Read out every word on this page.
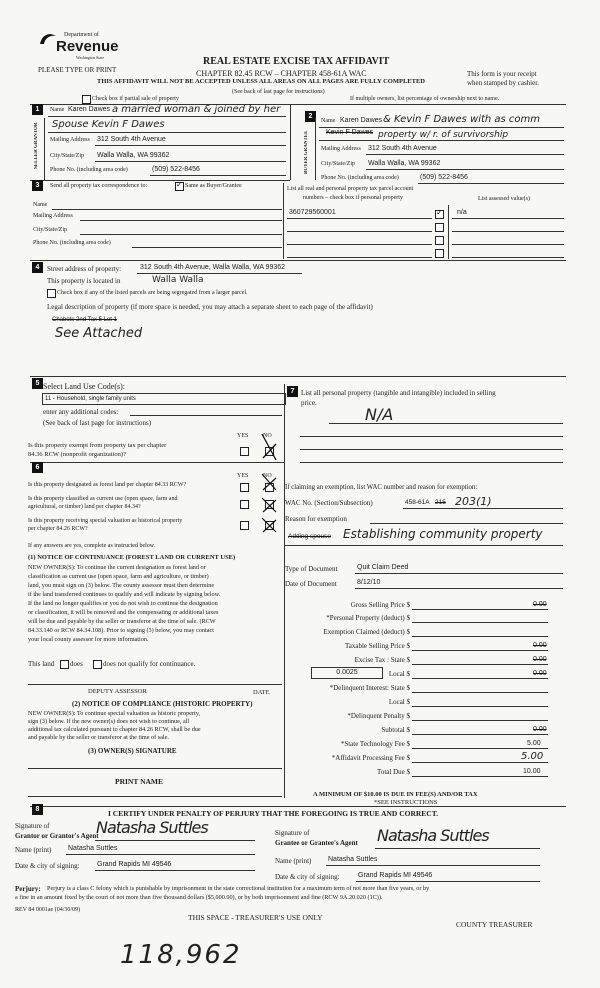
Department of
Revenue
Washington State
PLEASE TYPE OR PRINT
REAL ESTATE EXCISE TAX AFFIDAVIT
CHAPTER 82.45 RCW – CHAPTER 458-61A WAC
THIS AFFIDAVIT WILL NOT BE ACCEPTED UNLESS ALL AREAS ON ALL PAGES ARE FULLY COMPLETED
(See back of last page for instructions)
This form is your receipt
when stamped by cashier.
Check box if partial sale of property	If multiple owners, list percentage of ownership next to name.
1
2
SELLER GRANTOR	BUYER GRANTEE
Name Karen Dawes a married woman & joined by her
Spouse Kevin F Dawes
Mailing Address 312 South 4th Avenue
City/State/Zip Walla Walla, WA 99362
Phone No. (including area code)	(509) 522-8456
Name Karen Dawes & Kevin F Dawes with as comm
Kevin F Dawes property w/ r. of survivorship
Mailing Address 312 South 4th Avenue
City/State/Zip Walla Walla, WA 99362
Phone No. (including area code)	(509) 522-8456
3	Send all property tax correspondence to: ✓	Same as Buyer/Grantee
Name
Mailing Address
City/State/Zip
Phone No. (including area code)
List all real and personal property tax parcel account
numbers – check box if personal property	List assessed value(s)
360729560001 ✓	n/a
4	Street address of property:	312 South 4th Avenue, Walla Walla, WA 99362
This property is located in	Walla Walla
Check box if any of the listed parcels are being segregated from a larger parcel.
Legal description of property (if more space is needed, you may attach a separate sheet to each page of the affidavit)
Chabots 2nd Tax 5 Lot 1
See Attached
5 Select Land Use Code(s):
11 - Household, single family units
enter any additional codes:
(See back of last page for instructions)
YES NO
Is this property exempt from property tax per chapter
84.36 RCW (nonprofit organization)?
6
YES NO
Is this property designated as forest land per chapter 84.33 RCW?
Is this property classified as current use (open space, farm and
agricultural, or timber) land per chapter 84.34?
Is this property receiving special valuation as historical property
per chapter 84.26 RCW?
If any answers are yes, complete as instructed below.
(1) NOTICE OF CONTINUANCE (FOREST LAND OR CURRENT USE)
NEW OWNER(S): To continue the current designation as forest land or
classification as current use (open space, farm and agriculture, or timber)
land, you must sign on (3) below. The county assessor must then determine
if the land transferred continues to qualify and will indicate by signing below.
If the land no longer qualifies or you do not wish to continue the designation
or classification, it will be removed and the compensating or additional taxes
will be due and payable by the seller or transferor at the time of sale. (RCW
84.33.140 or RCW 84.34.108). Prior to signing (3) below, you may contact
your local county assessor for more information.
This land does	does not qualify for continuance.
DEPUTY ASSESSOR	DATE
(2) NOTICE OF COMPLIANCE (HISTORIC PROPERTY)
NEW OWNER(S): To continue special valuation as historic property,
sign (3) below. If the new owner(s) does not wish to continue, all
additional tax calculated pursuant to chapter 84.26 RCW, shall be due
and payable by the seller or transferor at the time of sale.
(3) OWNER(S) SIGNATURE
PRINT NAME
7 List all personal property (tangible and intangible) included in selling
price.
N/A
If claiming an exemption, list WAC number and reason for exemption:
WAC No. (Section/Subsection)	458-61A 215 203(1)
Reason for exemption
Adding spouse Establishing community property
Type of Document	Quit Claim Deed
Date of Document	8/12/10
Gross Selling Price $	0.00
*Personal Property (deduct) $
Exemption Claimed (deduct) $
Taxable Selling Price $	0.00
Excise Tax : State $	0.00
0.0025	Local $	0.00
*Delinquent Interest: State $
Local $
*Delinquent Penalty $
Subtotal $	0.00
*State Technology Fee $	5.00
*Affidavit Processing Fee $	5.00
Total Due $	10.00
A MINIMUM OF $10.00 IS DUE IN FEE(S) AND/OR TAX
*SEE INSTRUCTIONS
8	I CERTIFY UNDER PENALTY OF PERJURY THAT THE FOREGOING IS TRUE AND CORRECT.
Signature of
Grantor or Grantor's Agent
Natasha Suttles
Name (print) Natasha Suttles
Date & city of signing: Grand Rapids MI 49546
Signature of
Grantee or Grantee's Agent Natasha Suttles
Name (print) Natasha Suttles
Date & city of signing:	Grand Rapids MI 49546
Perjury: Perjury is a class C felony which is punishable by imprisonment in the state correctional institution for a maximum term of not more than five years, or by
a fine in an amount fixed by the court of not more than five thousand dollars ($5,000.00), or by both imprisonment and fine (RCW 9A.20.020 (1C)).
REV 84 0001ae (04/30/09)
THIS SPACE - TREASURER'S USE ONLY
COUNTY TREASURER
118,962
